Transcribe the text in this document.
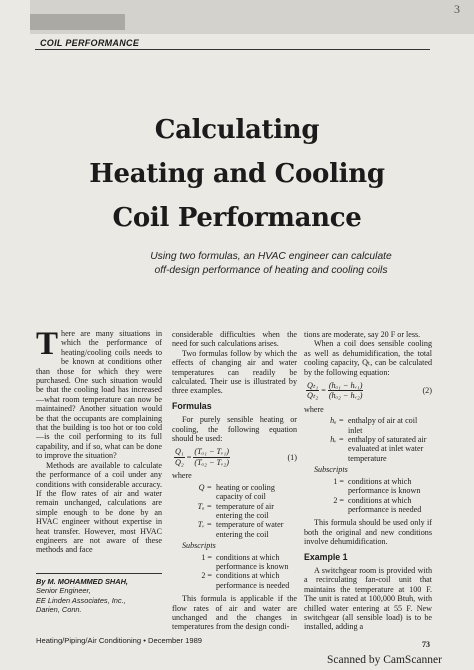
3
COIL PERFORMANCE
Calculating
Heating and Cooling
Coil Performance
Using two formulas, an HVAC engineer can calculate
off-design performance of heating and cooling coils

There are many situations in which the performance of heating/cooling coils needs to be known at conditions other than those for which they were purchased. One such situation would be that the cooling load has increased—what room temperature can now be maintained? Another situation would be that the occupants are complaining that the building is too hot or too cold—is the coil performing to its full capability, and if so, what can be done to improve the situation?

Methods are available to calculate the performance of a coil under any conditions with considerable accuracy. If the flow rates of air and water remain unchanged, calculations are simple enough to be done by an HVAC engineer without expertise in heat transfer. However, most HVAC engineers are not aware of these methods and face

By M. MOHAMMED SHAH,
Senior Engineer,
EE Linden Associates, Inc.,
Darien, Conn.

considerable difficulties when the need for such calculations arises.

Two formulas follow by which the effects of changing air and water temperatures can readily be calculated. Their use is illustrated by three examples.

Formulas

For purely sensible heating or cooling, the following equation should be used:

$\frac{\text{Q₁}}{\text{Q₂}} = \frac{\text{(Tₐ₁ − Tᵥ₁)}}{\text{(Tₐ₂ − Tᵥ₂)}}$	(1)
where
Q = heating or cooling capacity of coil
Tₐ = temperature of air entering the coil
Tᵥ = temperature of water entering the coil
Subscripts
1 = conditions at which performance is known
2 = conditions at which performance is needed

This formula is applicable if the flow rates of air and water are unchanged and the changes in temperatures from the design condi-

tions are moderate, say 20 F or less.

When a coil does sensible cooling as well as dehumidification, the total cooling capacity, Qₜ, can be calculated by the following equation:

$\frac{\text{Qₜ₁}}{\text{Qₜ₂}} = \frac{\text{(hₐ₁ − hᵥ₁)}}{\text{(hₐ₂ − hᵥ₂)}}$	(2)
where
hₐ = enthalpy of air at coil inlet
hᵥ = enthalpy of saturated air evaluated at inlet water temperature
Subscripts
1 = conditions at which performance is known
2 = conditions at which performance is needed

This formula should be used only if both the original and new conditions involve dehumidification.

Example 1

A switchgear room is provided with a recirculating fan-coil unit that maintains the temperature at 100 F. The unit is rated at 100,000 Btuh, with chilled water entering at 55 F. New switchgear (all sensible load) is to be installed, adding a

Heating/Piping/Air Conditioning • December 1989	73
Scanned by CamScanner
